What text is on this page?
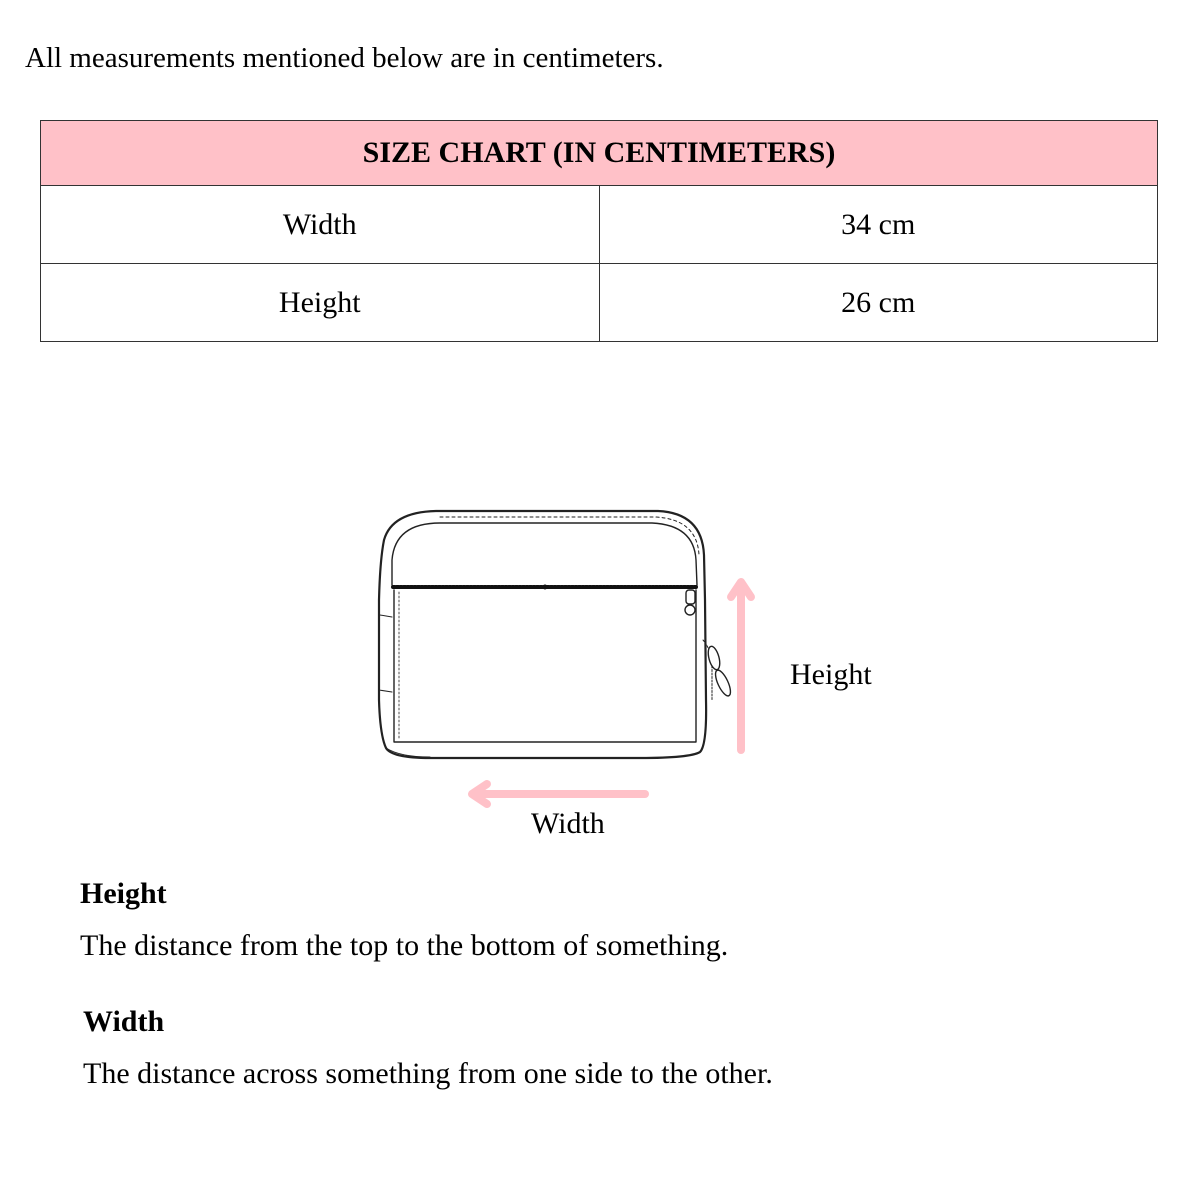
All measurements mentioned below are in centimeters.

SIZE CHART (IN CENTIMETERS)	
Width	34 cm
Height	26 cm
Height
Width

Height

The distance from the top to the bottom of something.

Width

The distance across something from one side to the other.
